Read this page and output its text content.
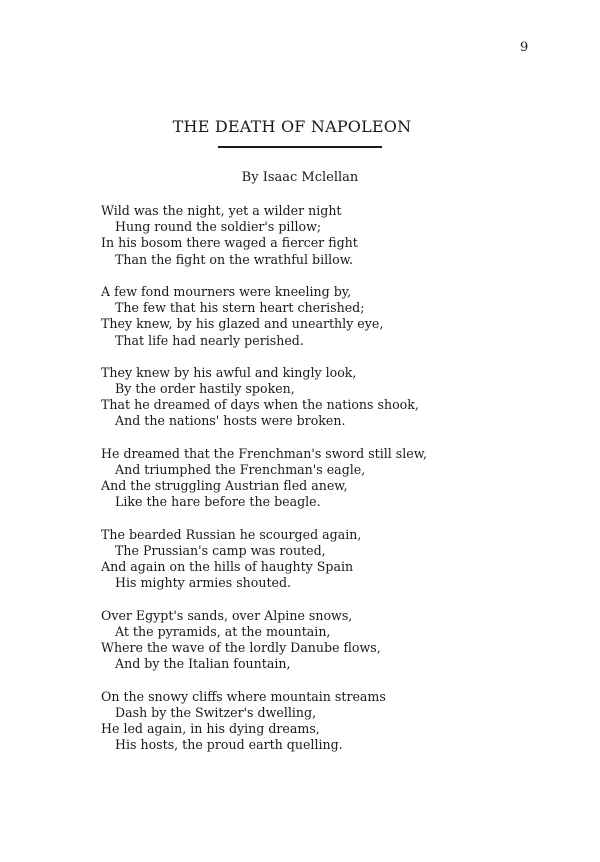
9
THE DEATH OF NAPOLEON
By Isaac Mclellan
Wild was the night, yet a wilder night
Hung round the soldier's pillow;
In his bosom there waged a fiercer fight
Than the fight on the wrathful billow.
A few fond mourners were kneeling by,
The few that his stern heart cherished;
They knew, by his glazed and unearthly eye,
That life had nearly perished.
They knew by his awful and kingly look,
By the order hastily spoken,
That he dreamed of days when the nations shook,
And the nations' hosts were broken.
He dreamed that the Frenchman's sword still slew,
And triumphed the Frenchman's eagle,
And the struggling Austrian fled anew,
Like the hare before the beagle.
The bearded Russian he scourged again,
The Prussian's camp was routed,
And again on the hills of haughty Spain
His mighty armies shouted.
Over Egypt's sands, over Alpine snows,
At the pyramids, at the mountain,
Where the wave of the lordly Danube flows,
And by the Italian fountain,
On the snowy cliffs where mountain streams
Dash by the Switzer's dwelling,
He led again, in his dying dreams,
His hosts, the proud earth quelling.
